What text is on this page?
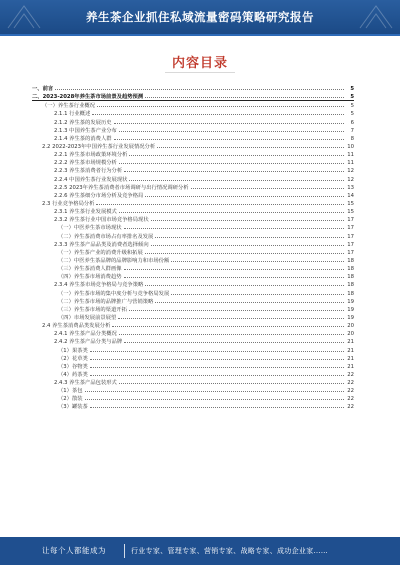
养生茶企业抓住私域流量密码策略研究报告
内容目录
一、前言	5
二、2023-2028年养生茶市场前景及趋势预测	5
（一）养生茶行业概况	5
2.1.1 行业概述	5
2.1.2 养生茶的发展历史	6
2.1.3 中国养生茶产业分布	7
2.1.4 养生茶的消费人群	8
2.2 2022-2023年中国养生茶行业发展情况分析	10
2.2.1 养生茶市场政策环境分析	11
2.2.2 养生茶市场规模分析	11
2.2.3 养生茶消费者行为分析	12
2.2.4 中国养生茶行业发展现状	12
2.2.5 2023年养生茶消费者市场调研与出行情况调研分析	13
2.2.6 养生茶细分市场分析及竞争格局	14
2.3 行业竞争格局分析	15
2.3.1 养生茶行业发展模式	15
2.3.2 养生茶行业中国市场竞争格局现状	17
（一）中医养生茶市场现状	17
（二）养生茶消费市场占有率排名及发展	17
2.3.3 养生茶产品品类及消费者选择倾向	17
（一）养生茶产业的消费升级和拓展	17
（二）中医养生茶品牌的品牌影响力和市场份额	18
（三）养生茶消费人群画像	18
（四）养生茶市场消费趋势	18
2.3.4 养生茶市场竞争格局与竞争策略	18
（一）养生茶市场的集中度分析与竞争格局发展	18
（二）养生茶市场的品牌推广与营销策略	19
（三）养生茶市场的渠道开拓	19
（四）市场发展前景展望	19
2.4 养生茶消费品类发展分析	20
2.4.1 养生茶产品分类概况	20
2.4.2 养生茶产品分类与品牌	21
（1）果茶类	21
（2）花草类	21
（3）谷物类	21
（4）药茶类	22
2.4.3 养生茶产品包装形式	22
（1）茶包	22
（2）散装	22
（3）罐装茶	22
让每个人都能成为	行业专家、管理专家、营销专家、战略专家、成功企业家……
